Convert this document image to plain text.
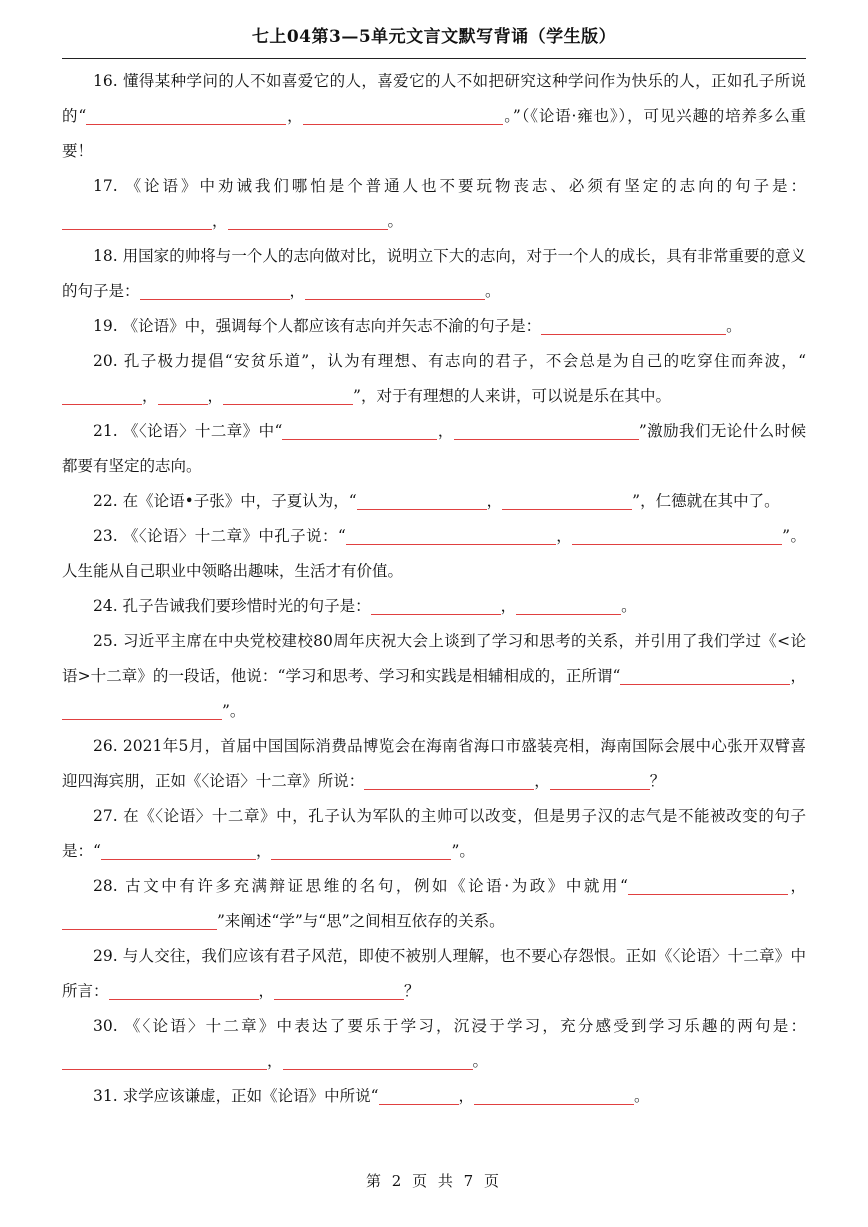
七上04第3—5单元文言文默写背诵（学生版）

16. 懂得某种学问的人不如喜爱它的人，喜爱它的人不如把研究这种学问作为快乐的人，正如孔子所说的“	，	。”（《论语·雍也》），可见兴趣的培养多么重要！

17. 《论语》中劝诫我们哪怕是个普通人也不要玩物丧志、必须有坚定的志向的句子是：，	。

18. 用国家的帅将与一个人的志向做对比，说明立下大的志向，对于一个人的成长，具有非常重要的意义的句子是：	，	。

19. 《论语》中，强调每个人都应该有志向并矢志不渝的句子是：	。

20. 孔子极力提倡“安贫乐道”，认为有理想、有志向的君子，不会总是为自己的吃穿住而奔波，“，	，	”，对于有理想的人来讲，可以说是乐在其中。

21. 《〈论语〉十二章》中“	，	”激励我们无论什么时候都要有坚定的志向。

22. 在《论语•子张》中，子夏认为，“	，	”，仁德就在其中了。

23. 《〈论语〉十二章》中孔子说：“	，	”。人生能从自己职业中领略出趣味，生活才有价值。

24. 孔子告诫我们要珍惜时光的句子是：	，	。

25. 习近平主席在中央党校建校80周年庆祝大会上谈到了学习和思考的关系，并引用了我们学过《<论语>十二章》的一段话，他说：“学习和思考、学习和实践是相辅相成的，正所谓“	，”。

26. 2021年5月，首届中国国际消费品博览会在海南省海口市盛装亮相，海南国际会展中心张开双臂喜迎四海宾朋，正如《〈论语〉十二章》所说：	，	？

27. 在《〈论语〉十二章》中，孔子认为军队的主帅可以改变，但是男子汉的志气是不能被改变的句子是：“	，	”。

28. 古文中有许多充满辩证思维的名句，例如《论语·为政》中就用“	，”来阐述“学”与“思”之间相互依存的关系。

29. 与人交往，我们应该有君子风范，即使不被别人理解，也不要心存怨恨。正如《〈论语〉十二章》中所言：	，	？

30. 《〈论语〉十二章》中表达了要乐于学习，沉浸于学习，充分感受到学习乐趣的两句是：，	。

31. 求学应该谦虚，正如《论语》中所说“	，	。

第 2 页 共 7 页
